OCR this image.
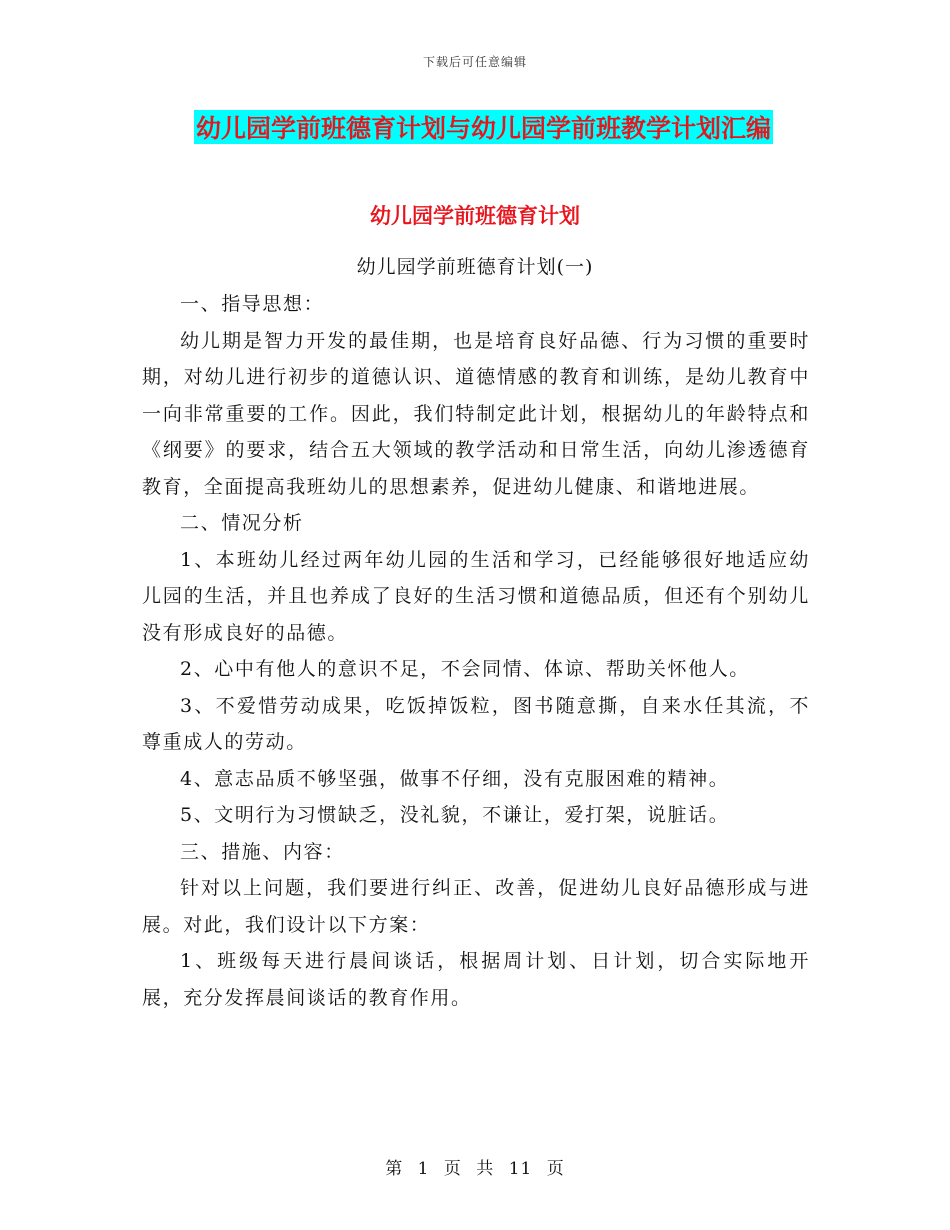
下载后可任意编辑
幼儿园学前班德育计划与幼儿园学前班教学计划汇编
幼儿园学前班德育计划
幼儿园学前班德育计划(一)

一、指导思想：

幼儿期是智力开发的最佳期，也是培育良好品德、行为习惯的重要时期，对幼儿进行初步的道德认识、道德情感的教育和训练，是幼儿教育中一向非常重要的工作。因此，我们特制定此计划，根据幼儿的年龄特点和《纲要》的要求，结合五大领域的教学活动和日常生活，向幼儿渗透德育教育，全面提高我班幼儿的思想素养，促进幼儿健康、和谐地进展。

二、情况分析

1、本班幼儿经过两年幼儿园的生活和学习，已经能够很好地适应幼儿园的生活，并且也养成了良好的生活习惯和道德品质，但还有个别幼儿没有形成良好的品德。

2、心中有他人的意识不足，不会同情、体谅、帮助关怀他人。

3、不爱惜劳动成果，吃饭掉饭粒，图书随意撕，自来水任其流，不尊重成人的劳动。

4、意志品质不够坚强，做事不仔细，没有克服困难的精神。

5、文明行为习惯缺乏，没礼貌，不谦让，爱打架，说脏话。

三、措施、内容：

针对以上问题，我们要进行纠正、改善，促进幼儿良好品德形成与进展。对此，我们设计以下方案：

1、班级每天进行晨间谈话，根据周计划、日计划，切合实际地开展，充分发挥晨间谈话的教育作用。

第 1 页 共 11 页
